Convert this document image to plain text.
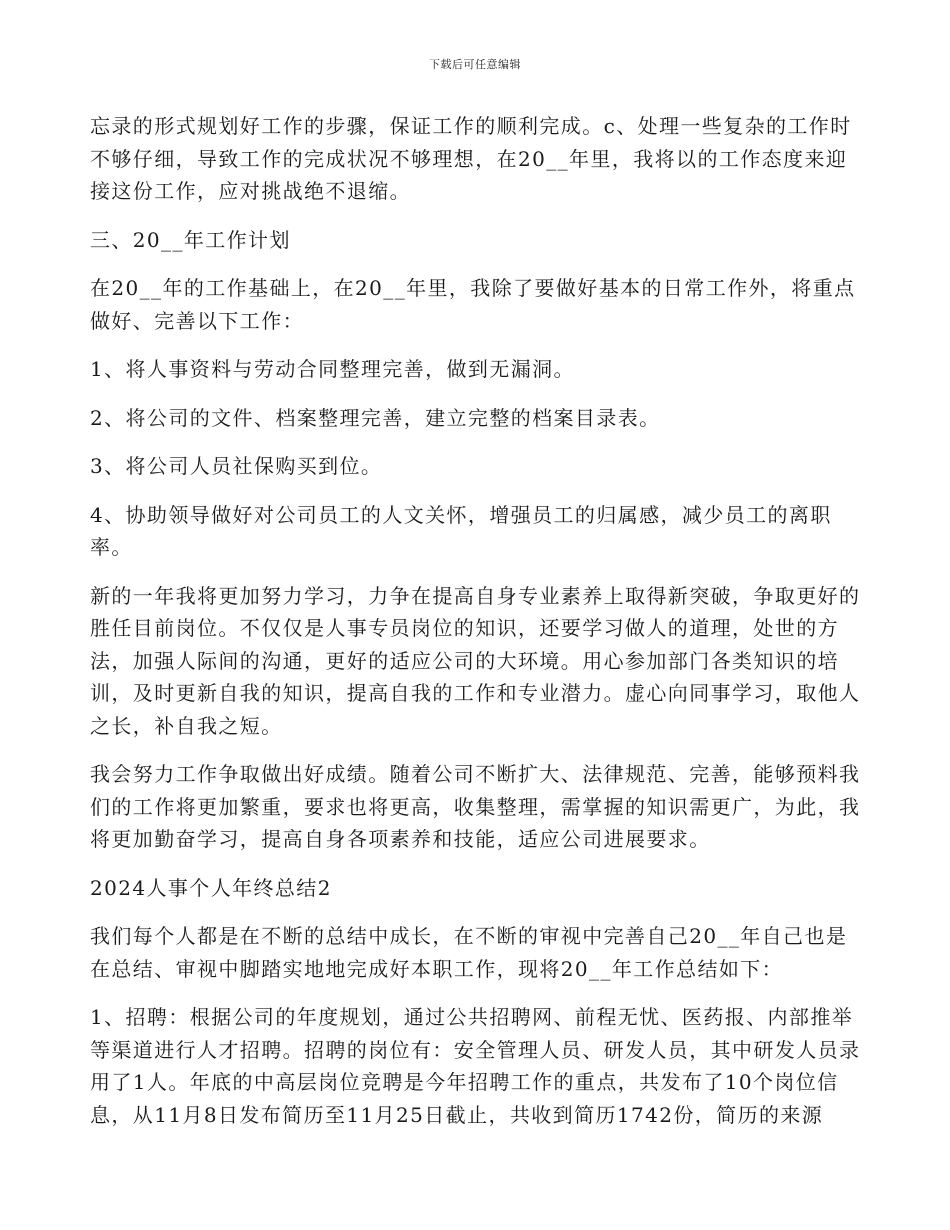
下载后可任意编辑

忘录的形式规划好工作的步骤，保证工作的顺利完成。c、处理一些复杂的工作时不够仔细，导致工作的完成状况不够理想，在20__年里，我将以的工作态度来迎接这份工作，应对挑战绝不退缩。

三、20__年工作计划

在20__年的工作基础上，在20__年里，我除了要做好基本的日常工作外，将重点做好、完善以下工作：

1、将人事资料与劳动合同整理完善，做到无漏洞。

2、将公司的文件、档案整理完善，建立完整的档案目录表。

3、将公司人员社保购买到位。

4、协助领导做好对公司员工的人文关怀，增强员工的归属感，减少员工的离职率。

新的一年我将更加努力学习，力争在提高自身专业素养上取得新突破，争取更好的胜任目前岗位。不仅仅是人事专员岗位的知识，还要学习做人的道理，处世的方法，加强人际间的沟通，更好的适应公司的大环境。用心参加部门各类知识的培训，及时更新自我的知识，提高自我的工作和专业潜力。虚心向同事学习，取他人之长，补自我之短。

我会努力工作争取做出好成绩。随着公司不断扩大、法律规范、完善，能够预料我们的工作将更加繁重，要求也将更高，收集整理，需掌握的知识需更广，为此，我将更加勤奋学习，提高自身各项素养和技能，适应公司进展要求。

2024人事个人年终总结2

我们每个人都是在不断的总结中成长，在不断的审视中完善自己20__年自己也是在总结、审视中脚踏实地地完成好本职工作，现将20__年工作总结如下：

1、招聘：根据公司的年度规划，通过公共招聘网、前程无忧、医药报、内部推举等渠道进行人才招聘。招聘的岗位有：安全管理人员、研发人员，其中研发人员录用了1人。年底的中高层岗位竞聘是今年招聘工作的重点，共发布了10个岗位信息，从11月8日发布简历至11月25日截止，共收到简历1742份，简历的来源
